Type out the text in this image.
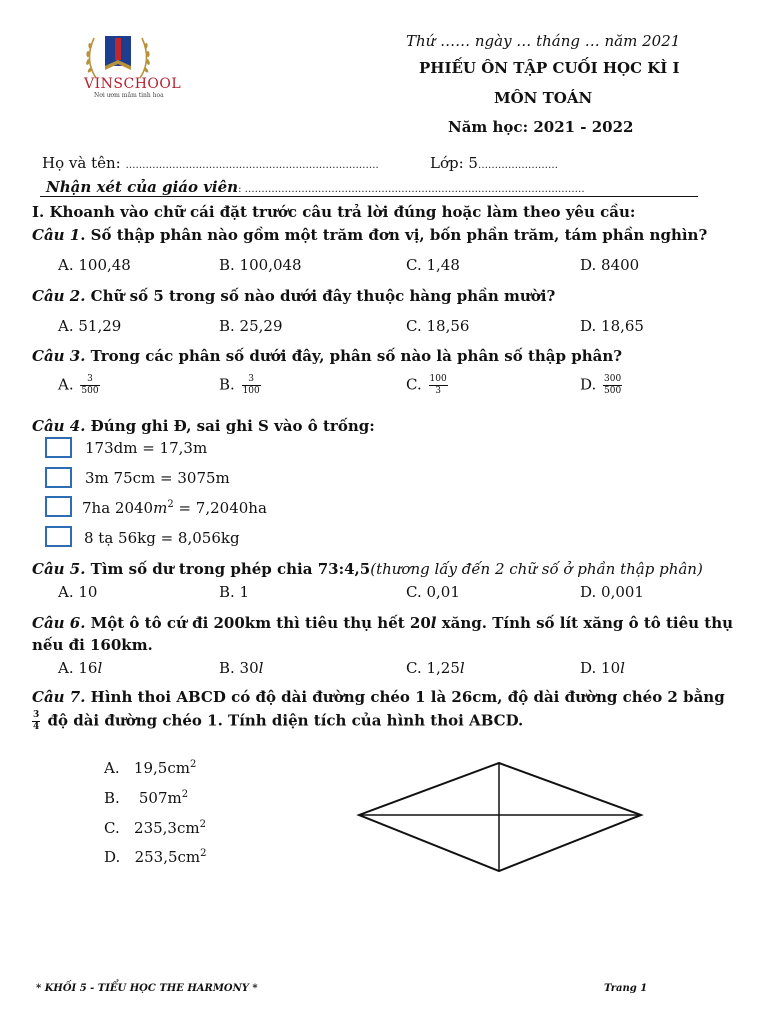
VINSCHOOL
Nơi ươm mầm tinh hoa
Thứ …… ngày … tháng … năm 2021
PHIẾU ÔN TẬP CUỐI HỌC KÌ I
MÔN TOÁN
Năm học: 2021 - 2022
Họ và tên: ………………………………………………………………….	Lớp: 5……………………
Nhận xét của giáo viên: …………………………………………………………………………………………
I. Khoanh vào chữ cái đặt trước câu trả lời đúng hoặc làm theo yêu cầu:
Câu 1. Số thập phân nào gồm một trăm đơn vị, bốn phần trăm, tám phần nghìn?
A. 100,48	B. 100,048	C. 1,48	D. 8400
Câu 2. Chữ số 5 trong số nào dưới đây thuộc hàng phần mười?
A. 51,29	B. 25,29	C. 18,56	D. 18,65
Câu 3. Trong các phân số dưới đây, phân số nào là phân số thập phân?
A. $\frac{3}{500}$	B. $\frac{3}{100}$	C. $\frac{100}{3}$	D. $\frac{300}{500}$
Câu 4. Đúng ghi Đ, sai ghi S vào ô trống:
173dm = 17,3m
3m 75cm = 3075m
7ha $2040m^2 = 7,2040ha$
8 tạ 56kg = 8,056kg
Câu 5. Tìm số dư trong phép chia 73:4,5(thương lấy đến 2 chữ số ở phần thập phân)
A. 10	B. 1	C. 0,01	D. 0,001
Câu 6. Một ô tô cứ đi 200km thì tiêu thụ hết 20l xăng. Tính số lít xăng ô tô tiêu thụ
nếu đi 160km.
A. 16l	B. 30l	C. 1,25l	D. 10l
Câu 7. Hình thoi ABCD có độ dài đường chéo 1 là 26cm, độ dài đường chéo 2 bằng
$\frac{3}{4}$ độ dài đường chéo 1. Tính diện tích của hình thoi ABCD.
A. $19,5cm^2$
B.    $507m^2$
C. $235,3cm^2$
D. $253,5cm^2$
* KHỐI 5 - TIỂU HỌC THE HARMONY *	Trang 1
